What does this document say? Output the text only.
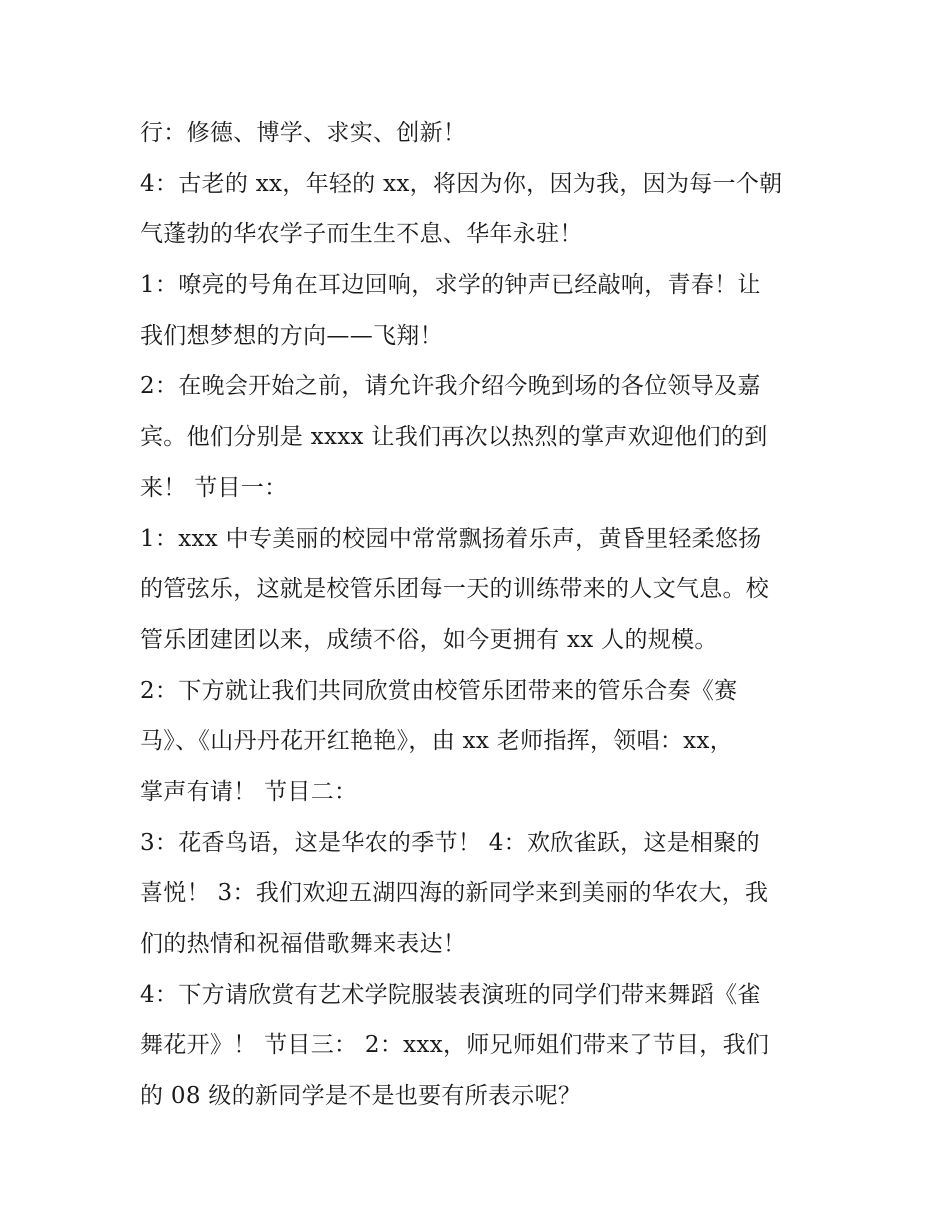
行：修德、博学、求实、创新！
4：古老的 xx，年轻的 xx，将因为你，因为我，因为每一个朝
气蓬勃的华农学子而生生不息、华年永驻！
1：嘹亮的号角在耳边回响，求学的钟声已经敲响，青春！让
我们想梦想的方向——飞翔！
2：在晚会开始之前，请允许我介绍今晚到场的各位领导及嘉
宾。他们分别是 xxxx 让我们再次以热烈的掌声欢迎他们的到
来！ 节目一：
1：xxx 中专美丽的校园中常常飘扬着乐声，黄昏里轻柔悠扬
的管弦乐，这就是校管乐团每一天的训练带来的人文气息。校
管乐团建团以来，成绩不俗，如今更拥有 xx 人的规模。
2：下方就让我们共同欣赏由校管乐团带来的管乐合奏《赛
马》、《山丹丹花开红艳艳》，由 xx 老师指挥，领唱：xx，
掌声有请！ 节目二：
3：花香鸟语，这是华农的季节！ 4：欢欣雀跃，这是相聚的
喜悦！ 3：我们欢迎五湖四海的新同学来到美丽的华农大，我
们的热情和祝福借歌舞来表达！
4：下方请欣赏有艺术学院服装表演班的同学们带来舞蹈《雀
舞花开》！ 节目三： 2：xxx，师兄师姐们带来了节目，我们
的 08 级的新同学是不是也要有所表示呢？
